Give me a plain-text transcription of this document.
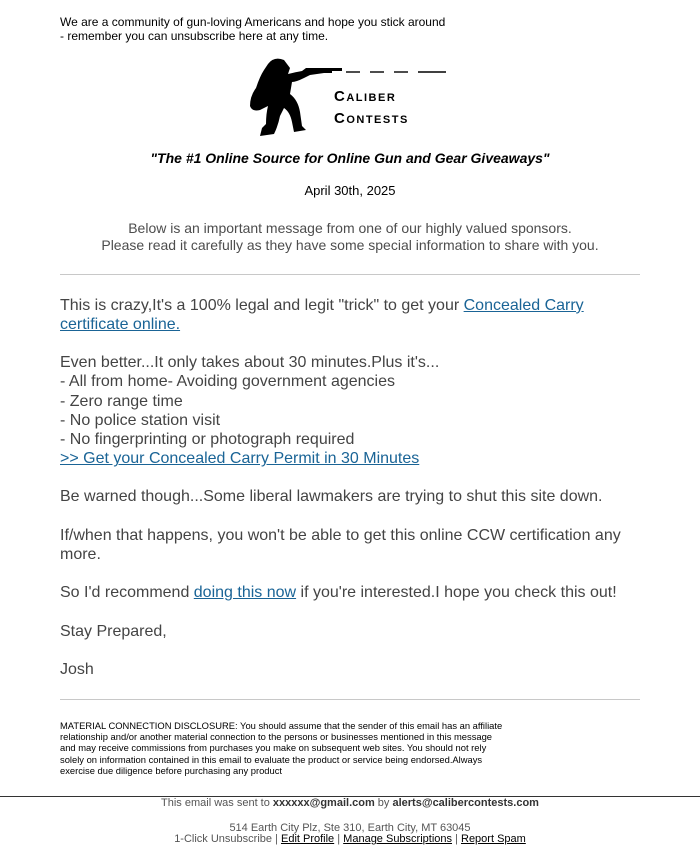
We are a community of gun-loving Americans and hope you stick around
- remember you can unsubscribe here at any time.
Caliber
Contests
"The #1 Online Source for Online Gun and Gear Giveaways"
April 30th, 2025
Below is an important message from one of our highly valued sponsors.
Please read it carefully as they have some special information to share with you.
This is crazy,It's a 100% legal and legit "trick" to get your Concealed Carry certificate online.
Even better...It only takes about 30 minutes.Plus it's...
- All from home- Avoiding government agencies
- Zero range time
- No police station visit
- No fingerprinting or photograph required
>> Get your Concealed Carry Permit in 30 Minutes
Be warned though...Some liberal lawmakers are trying to shut this site down.
If/when that happens, you won't be able to get this online CCW certification any more.
So I'd recommend doing this now if you're interested.I hope you check this out!
Stay Prepared,
Josh
MATERIAL CONNECTION DISCLOSURE: You should assume that the sender of this email has an affiliate relationship and/or another material connection to the persons or businesses mentioned in this message and may receive commissions from purchases you make on subsequent web sites. You should not rely solely on information contained in this email to evaluate the product or service being endorsed.Always exercise due diligence before purchasing any product
This email was sent to xxxxxx@gmail.com by alerts@calibercontests.com
514 Earth City Plz, Ste 310, Earth City, MT 63045
1-Click Unsubscribe | Edit Profile | Manage Subscriptions | Report Spam
